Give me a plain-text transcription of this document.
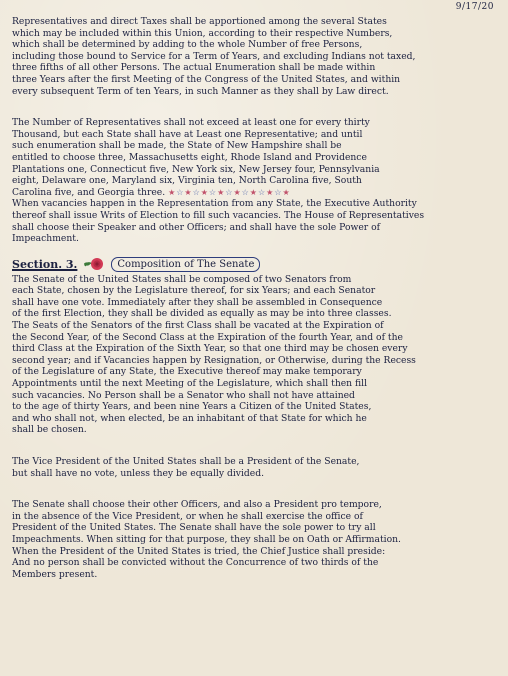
9/17/20
Representatives and direct Taxes shall be apportioned among the several States
which may be included within this Union, according to their respective Numbers,
which shall be determined by adding to the whole Number of free Persons,
including those bound to Service for a Term of Years, and excluding Indians not taxed,
three fifths of all other Persons. The actual Enumeration shall be made within
three Years after the first Meeting of the Congress of the United States, and within
every subsequent Term of ten Years, in such Manner as they shall by Law direct.
The Number of Representatives shall not exceed at least one for every thirty
Thousand, but each State shall have at Least one Representative; and until
such enumeration shall be made, the State of New Hampshire shall be
entitled to choose three, Massachusetts eight, Rhode Island and Providence
Plantations one, Connecticut five, New York six, New Jersey four, Pennsylvania
eight, Delaware one, Maryland six, Virginia ten, North Carolina five, South
Carolina five, and Georgia three. ★☆★☆★☆★☆★☆★☆★☆★
When vacancies happen in the Representation from any State, the Executive Authority
thereof shall issue Writs of Election to fill such vacancies. The House of Representatives
shall choose their Speaker and other Officers; and shall have the sole Power of
Impeachment.
Section. 3.	Composition of The Senate
The Senate of the United States shall be composed of two Senators from
each State, chosen by the Legislature thereof, for six Years; and each Senator
shall have one vote. Immediately after they shall be assembled in Consequence
of the first Election, they shall be divided as equally as may be into three classes.
The Seats of the Senators of the first Class shall be vacated at the Expiration of
the Second Year, of the Second Class at the Expiration of the fourth Year, and of the
third Class at the Expiration of the Sixth Year, so that one third may be chosen every
second year; and if Vacancies happen by Resignation, or Otherwise, during the Recess
of the Legislature of any State, the Executive thereof may make temporary
Appointments until the next Meeting of the Legislature, which shall then fill
such vacancies. No Person shall be a Senator who shall not have attained
to the age of thirty Years, and been nine Years a Citizen of the United States,
and who shall not, when elected, be an inhabitant of that State for which he
shall be chosen.
The Vice President of the United States shall be a President of the Senate,
but shall have no vote, unless they be equally divided.
The Senate shall choose their other Officers, and also a President pro tempore,
in the absence of the Vice President, or when he shall exercise the office of
President of the United States. The Senate shall have the sole power to try all
Impeachments. When sitting for that purpose, they shall be on Oath or Affirmation.
When the President of the United States is tried, the Chief Justice shall preside:
And no person shall be convicted without the Concurrence of two thirds of the
Members present.
